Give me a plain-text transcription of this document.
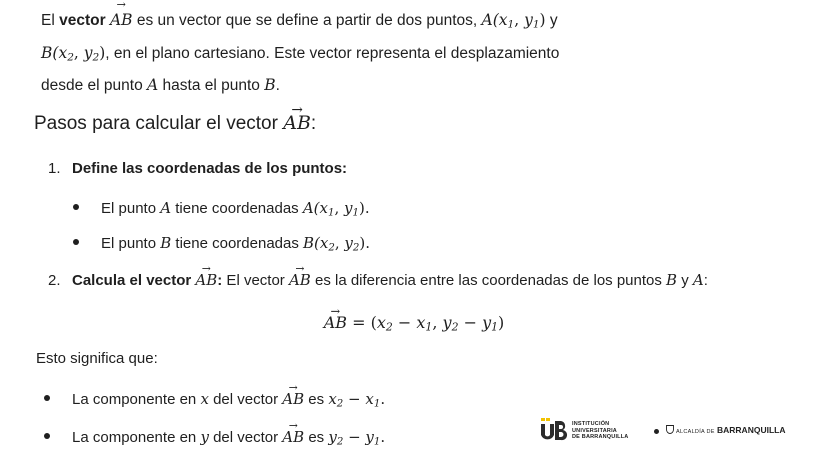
El vector → AB es un vector que se define a partir de dos puntos, $A(x_1$, $y_1$) y

$B(x_2$, $y_2$), en el plano cartesiano. Este vector representa el desplazamiento

desde el punto A hasta el punto B.

Pasos para calcular el vector → AB:
1. Define las coordenadas de los puntos:
El punto A tiene coordenadas $A(x_1$, $y_1$).
El punto B tiene coordenadas $B(x_2$, $y_2$).
2. Calcula el vector → AB: El vector → AB es la diferencia entre las coordenadas de los puntos B y A:
→ AB = ($x_2 - x_1$, $y_2 - y_1$)
Esto significa que:
La componente en x del vector → AB es $x_2 - x_1$.
La componente en y del vector → AB es $y_2 - y_1$.
INSTITUCIÓN
UNIVERSITARIA
DE BARRANQUILLA
ALCALDÍA DE BARRANQUILLA
